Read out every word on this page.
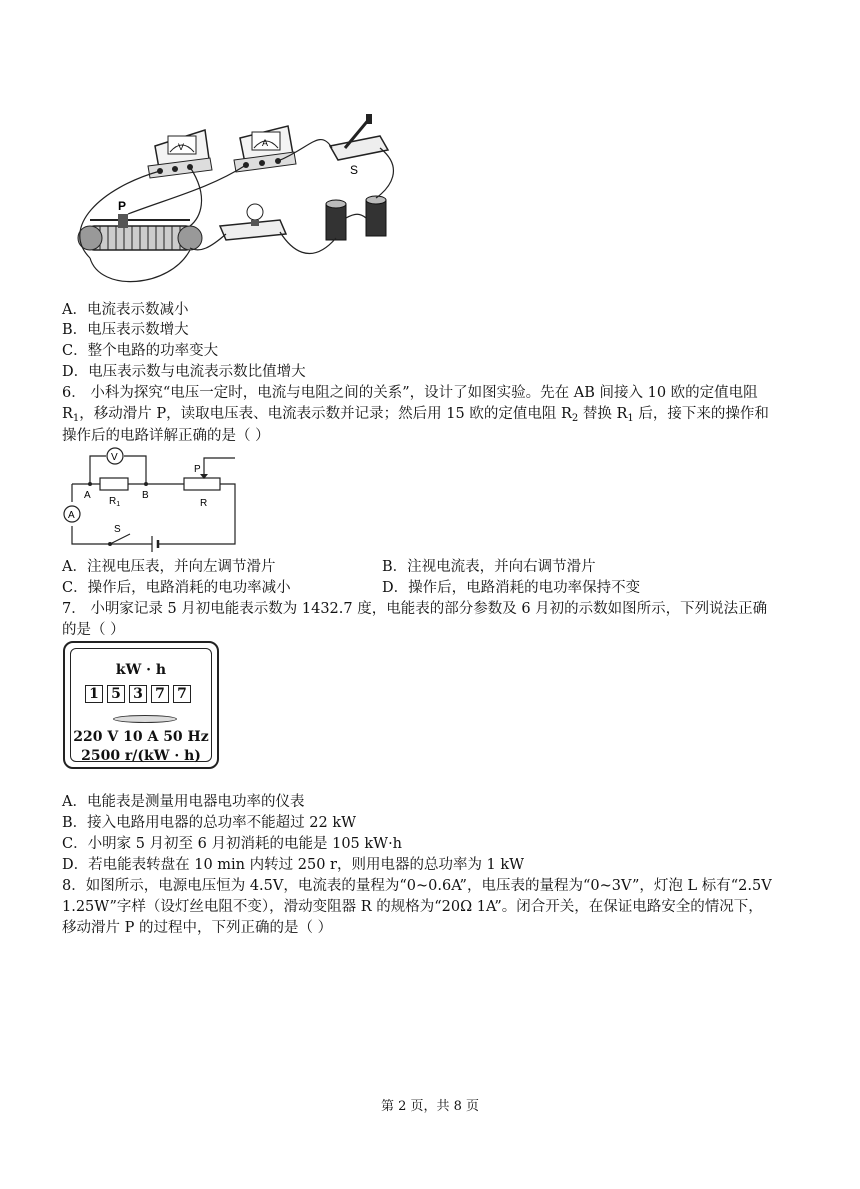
V	A
S
P
A．电流表示数减小
B．电压表示数增大
C．整个电路的功率变大
D．电压表示数与电流表示数比值增大
6． 小科为探究“电压一定时，电流与电阻之间的关系”，设计了如图实验。先在 AB 间接入 10 欧的定值电阻
$R_1$，移动滑片 P，读取电压表、电流表示数并记录；然后用 15 欧的定值电阻 $R_2$ 替换 $R_1$ 后，接下来的操作和
操作后的电路详解正确的是（ ）
V
A
A	B
$R_1$	R
P
S
A．注视电压表，并向左调节滑片	B．注视电流表，并向右调节滑片
C．操作后，电路消耗的电功率减小	D．操作后，电路消耗的电功率保持不变
7． 小明家记录 5 月初电能表示数为 1432.7 度，电能表的部分参数及 6 月初的示数如图所示，下列说法正确
的是（ ）
kW · h
1 5 3 7 7
220 V 10 A 50 Hz
2500 r/(kW · h)
A．电能表是测量用电器电功率的仪表
B．接入电路用电器的总功率不能超过 22 kW
C．小明家 5 月初至 6 月初消耗的电能是 105 kW·h
D．若电能表转盘在 10 min 内转过 250 r，则用电器的总功率为 1 kW
8．如图所示，电源电压恒为 4.5V，电流表的量程为“0~0.6A”，电压表的量程为“0~3V”，灯泡 L 标有“2.5V
1.25W”字样（设灯丝电阻不变），滑动变阻器 R 的规格为“20Ω 1A”。闭合开关，在保证电路安全的情况下，
移动滑片 P 的过程中，下列正确的是（ ）
第 2 页，共 8 页
